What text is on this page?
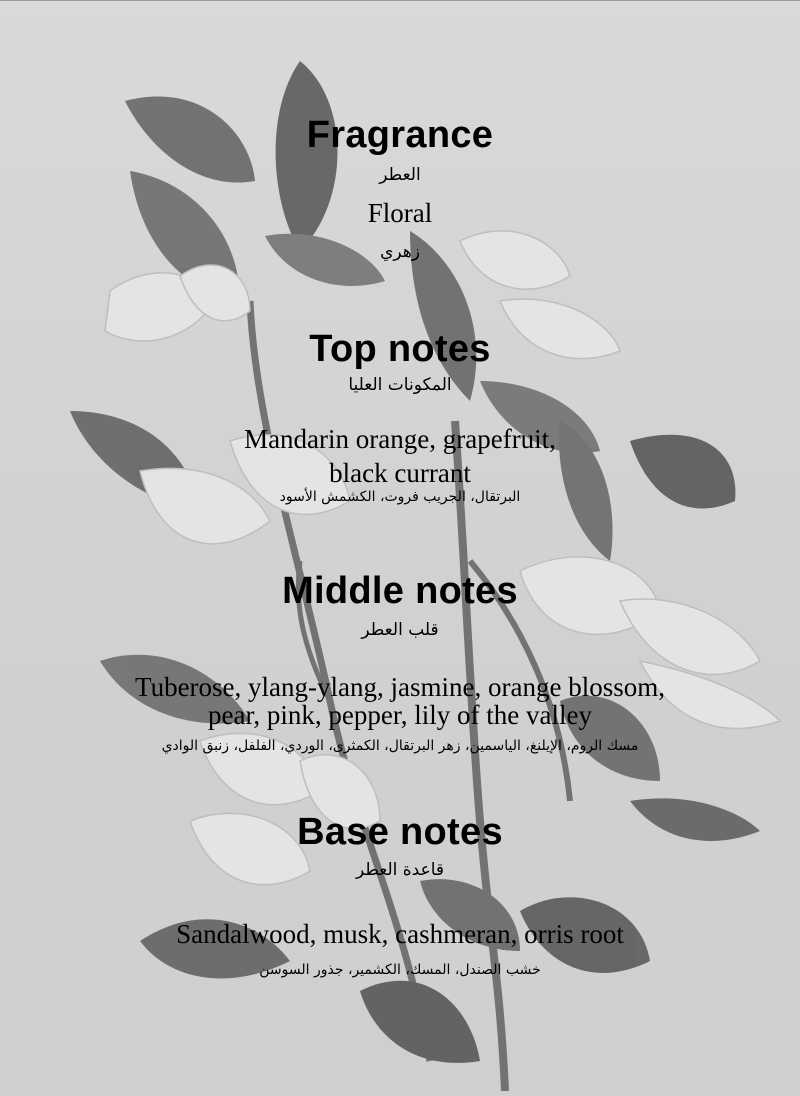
Fragrance
العطر
Floral
زهري
Top notes
المكونات العليا
Mandarin orange, grapefruit,
black currant
البرتقال، الجريب فروت، الكشمش الأسود
Middle notes
قلب العطر
Tuberose, ylang-ylang, jasmine, orange blossom,
pear, pink, pepper, lily of the valley
مسك الروم، الإيلنغ، الياسمين، زهر البرتقال، الكمثرى، الوردي، الفلفل، زنبق الوادي
Base notes
قاعدة العطر
Sandalwood, musk, cashmeran, orris root
خشب الصندل، المسك، الكشمير، جذور السوسن
